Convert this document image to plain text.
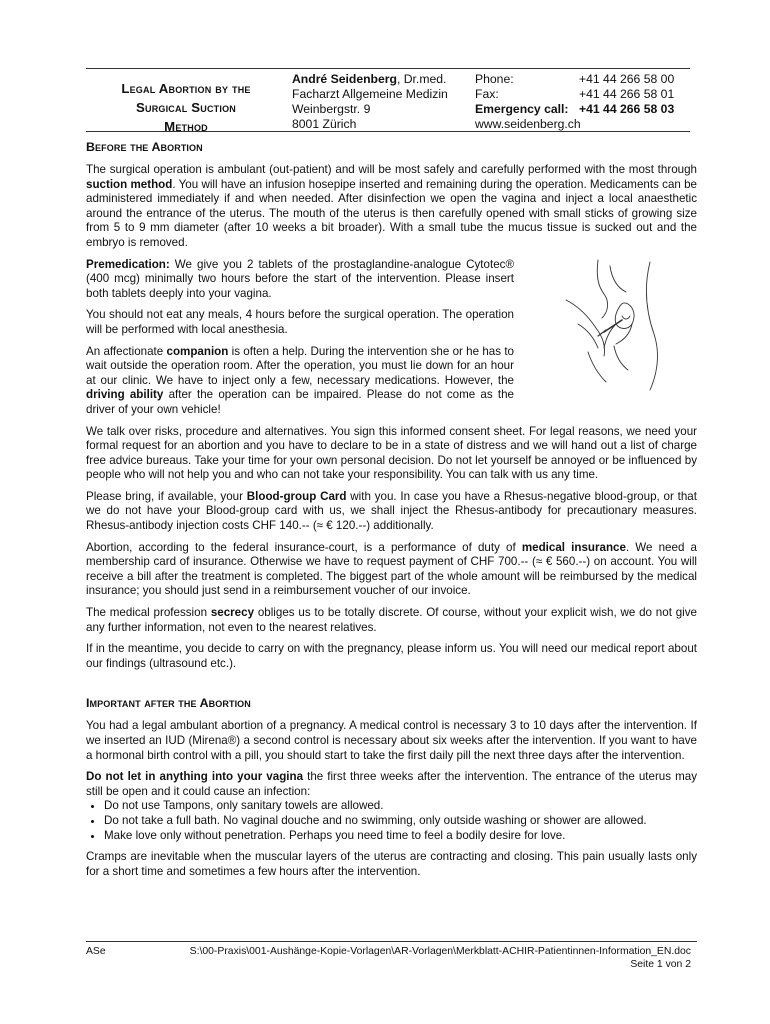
Legal Abortion by the
Surgical Suction
Method
André Seidenberg, Dr.med.
Facharzt Allgemeine Medizin
Weinbergstr. 9
8001 Zürich
Phone:	+41 44 266 58 00
Fax:	+41 44 266 58 01
Emergency call: +41 44 266 58 03
www.seidenberg.ch
Before the Abortion

The surgical operation is ambulant (out-patient) and will be most safely and carefully performed with the most through suction method. You will have an infusion hosepipe inserted and remaining during the operation. Medicaments can be administered immediately if and when needed. After disinfection we open the vagina and inject a local anaesthetic around the entrance of the uterus. The mouth of the uterus is then carefully opened with small sticks of growing size from 5 to 9 mm diameter (after 10 weeks a bit broader). With a small tube the mucus tissue is sucked out and the embryo is removed.

Premedication: We give you 2 tablets of the prostaglandine-analogue Cytotec® (400 mcg) minimally two hours before the start of the intervention. Please insert both tablets deeply into your vagina.

You should not eat any meals, 4 hours before the surgical operation. The operation will be performed with local anesthesia.

An affectionate companion is often a help. During the intervention she or he has to wait outside the operation room. After the operation, you must lie down for an hour at our clinic. We have to inject only a few, necessary medications. However, the driving ability after the operation can be impaired. Please do not come as the driver of your own vehicle!

We talk over risks, procedure and alternatives. You sign this informed consent sheet. For legal reasons, we need your formal request for an abortion and you have to declare to be in a state of distress and we will hand out a list of charge free advice bureaus. Take your time for your own personal decision. Do not let yourself be annoyed or be influenced by people who will not help you and who can not take your responsibility. You can talk with us any time.

Please bring, if available, your Blood-group Card with you. In case you have a Rhesus-negative blood-group, or that we do not have your Blood-group card with us, we shall inject the Rhesus-antibody for precautionary measures. Rhesus-antibody injection costs CHF 140.-- (≈ € 120.--) additionally.

Abortion, according to the federal insurance-court, is a performance of duty of medical insurance. We need a membership card of insurance. Otherwise we have to request payment of CHF 700.-- (≈ € 560.--) on account. You will receive a bill after the treatment is completed. The biggest part of the whole amount will be reimbursed by the medical insurance; you should just send in a reimbursement voucher of our invoice.

The medical profession secrecy obliges us to be totally discrete. Of course, without your explicit wish, we do not give any further information, not even to the nearest relatives.

If in the meantime, you decide to carry on with the pregnancy, please inform us. You will need our medical report about our findings (ultrasound etc.).

Important after the Abortion

You had a legal ambulant abortion of a pregnancy. A medical control is necessary 3 to 10 days after the intervention. If we inserted an IUD (Mirena®) a second control is necessary about six weeks after the intervention. If you want to have a hormonal birth control with a pill, you should start to take the first daily pill the next three days after the intervention.

Do not let in anything into your vagina the first three weeks after the intervention. The entrance of the uterus may still be open and it could cause an infection:

• Do not use Tampons, only sanitary towels are allowed.
• Do not take a full bath. No vaginal douche and no swimming, only outside washing or shower are allowed.
• Make love only without penetration. Perhaps you need time to feel a bodily desire for love.

Cramps are inevitable when the muscular layers of the uterus are contracting and closing. This pain usually lasts only for a short time and sometimes a few hours after the intervention.

ASe	S:\00-Praxis\001-Aushänge-Kopie-Vorlagen\AR-Vorlagen\Merkblatt-ACHIR-Patientinnen-Information_EN.doc
Seite 1 von 2
